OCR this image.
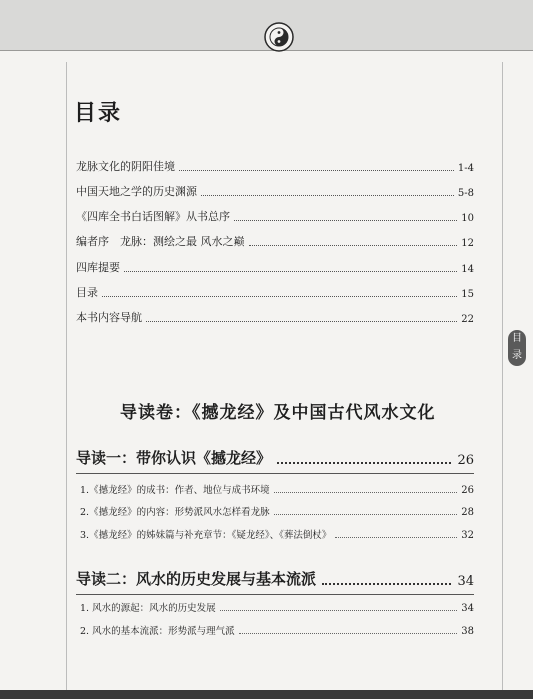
目录
目录
龙脉文化的阴阳佳境	1-4
中国天地之学的历史渊源	5-8
《四库全书白话图解》从书总序	10
编者序　龙脉：测绘之最 风水之巅	12
四库提要	14
目录	15
本书内容导航	22
导读卷：《撼龙经》及中国古代风水文化
导读一：带你认识《撼龙经》	26
1.《撼龙经》的成书：作者、地位与成书环境	26
2.《撼龙经》的内容：形势派风水怎样看龙脉	28
3.《撼龙经》的姊妹篇与补充章节：《疑龙经》、《葬法倒杖》	32
导读二：风水的历史发展与基本流派	34
1. 风水的源起：风水的历史发展	34
2. 风水的基本流派：形势派与理气派	38
